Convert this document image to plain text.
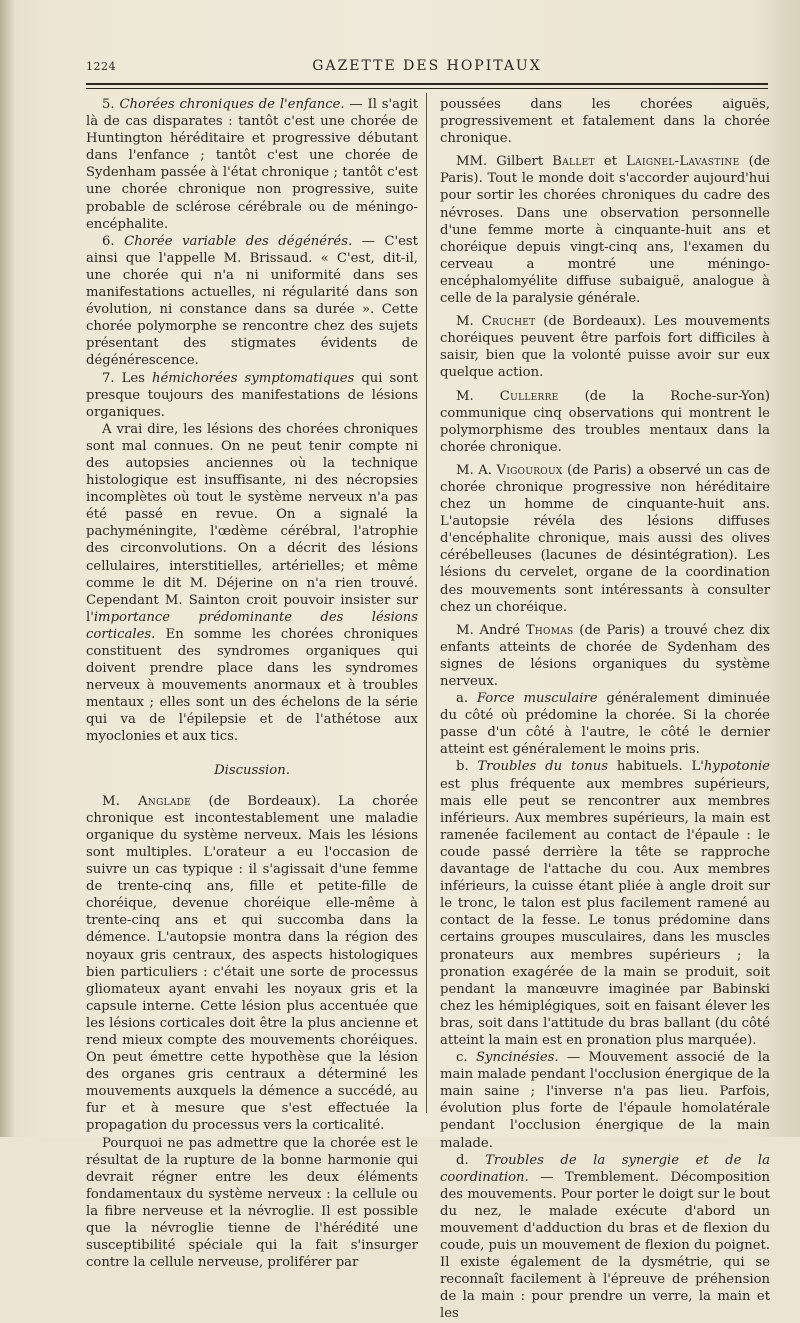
1224	GAZETTE DES HOPITAUX

5. Chorées chroniques de l'enfance. — Il s'agit là de cas disparates : tantôt c'est une chorée de Huntington héréditaire et progressive débutant dans l'enfance ; tantôt c'est une chorée de Sydenham passée à l'état chronique ; tantôt c'est une chorée chronique non progressive, suite probable de sclérose cérébrale ou de méningo-encéphalite.

6. Chorée variable des dégénérés. — C'est ainsi que l'appelle M. Brissaud. « C'est, dit-il, une chorée qui n'a ni uniformité dans ses manifestations actuelles, ni régularité dans son évolution, ni constance dans sa durée ». Cette chorée polymorphe se rencontre chez des sujets présentant des stigmates évidents de dégénérescence.

7. Les hémichorées symptomatiques qui sont presque toujours des manifestations de lésions organiques.

A vrai dire, les lésions des chorées chroniques sont mal connues. On ne peut tenir compte ni des autopsies anciennes où la technique histologique est insuffisante, ni des nécropsies incomplètes où tout le système nerveux n'a pas été passé en revue. On a signalé la pachyméningite, l'œdème cérébral, l'atrophie des circonvolutions. On a décrit des lésions cellulaires, interstitielles, artérielles; et même comme le dit M. Déjerine on n'a rien trouvé. Cependant M. Sainton croit pouvoir insister sur l'importance prédominante des lésions corticales. En somme les chorées chroniques constituent des syndromes organiques qui doivent prendre place dans les syndromes nerveux à mouvements anormaux et à troubles mentaux ; elles sont un des échelons de la série qui va de l'épilepsie et de l'athétose aux myoclonies et aux tics.

Discussion.

M. Anglade (de Bordeaux). La chorée chronique est incontestablement une maladie organique du système nerveux. Mais les lésions sont multiples. L'orateur a eu l'occasion de suivre un cas typique : il s'agissait d'une femme de trente-cinq ans, fille et petite-fille de choréique, devenue choréique elle-même à trente-cinq ans et qui succomba dans la démence. L'autopsie montra dans la région des noyaux gris centraux, des aspects histologiques bien particuliers : c'était une sorte de processus gliomateux ayant envahi les noyaux gris et la capsule interne. Cette lésion plus accentuée que les lésions corticales doit être la plus ancienne et rend mieux compte des mouvements choréiques. On peut émettre cette hypothèse que la lésion des organes gris centraux a déterminé les mouvements auxquels la démence a succédé, au fur et à mesure que s'est effectuée la propagation du processus vers la corticalité.

Pourquoi ne pas admettre que la chorée est le résultat de la rupture de la bonne harmonie qui devrait régner entre les deux éléments fondamentaux du système nerveux : la cellule ou la fibre nerveuse et la névroglie. Il est possible que la névroglie tienne de l'hérédité une susceptibilité spéciale qui la fait s'insurger contre la cellule nerveuse, proliférer par

poussées dans les chorées aiguës, progressivement et fatalement dans la chorée chronique.

MM. Gilbert Ballet et Laignel-Lavastine (de Paris). Tout le monde doit s'accorder aujourd'hui pour sortir les chorées chroniques du cadre des névroses. Dans une observation personnelle d'une femme morte à cinquante-huit ans et choréique depuis vingt-cinq ans, l'examen du cerveau a montré une méningo-encéphalomyélite diffuse subaiguë, analogue à celle de la paralysie générale.

M. Cruchet (de Bordeaux). Les mouvements choréiques peuvent être parfois fort difficiles à saisir, bien que la volonté puisse avoir sur eux quelque action.

M. Cullerre (de la Roche-sur-Yon) communique cinq observations qui montrent le polymorphisme des troubles mentaux dans la chorée chronique.

M. A. Vigouroux (de Paris) a observé un cas de chorée chronique progressive non héréditaire chez un homme de cinquante-huit ans. L'autopsie révéla des lésions diffuses d'encéphalite chronique, mais aussi des olives cérébelleuses (lacunes de désintégration). Les lésions du cervelet, organe de la coordination des mouvements sont intéressants à consulter chez un choréique.

M. André Thomas (de Paris) a trouvé chez dix enfants atteints de chorée de Sydenham des signes de lésions organiques du système nerveux.

a. Force musculaire généralement diminuée du côté où prédomine la chorée. Si la chorée passe d'un côté à l'autre, le côté le dernier atteint est généralement le moins pris.

b. Troubles du tonus habituels. L'hypotonie est plus fréquente aux membres supérieurs, mais elle peut se rencontrer aux membres inférieurs. Aux membres supérieurs, la main est ramenée facilement au contact de l'épaule : le coude passé derrière la tête se rapproche davantage de l'attache du cou. Aux membres inférieurs, la cuisse étant pliée à angle droit sur le tronc, le talon est plus facilement ramené au contact de la fesse. Le tonus prédomine dans certains groupes musculaires, dans les muscles pronateurs aux membres supérieurs ; la pronation exagérée de la main se produit, soit pendant la manœuvre imaginée par Babinski chez les hémiplégiques, soit en faisant élever les bras, soit dans l'attitude du bras ballant (du côté atteint la main est en pronation plus marquée).

c. Syncinésies. — Mouvement associé de la main malade pendant l'occlusion énergique de la main saine ; l'inverse n'a pas lieu. Parfois, évolution plus forte de l'épaule homolatérale pendant l'occlusion énergique de la main malade.

d. Troubles de la synergie et de la coordination. — Tremblement. Décomposition des mouvements. Pour porter le doigt sur le bout du nez, le malade exécute d'abord un mouvement d'adduction du bras et de flexion du coude, puis un mouvement de flexion du poignet. Il existe également de la dysmétrie, qui se reconnaît facilement à l'épreuve de préhension de la main : pour prendre un verre, la main et les
